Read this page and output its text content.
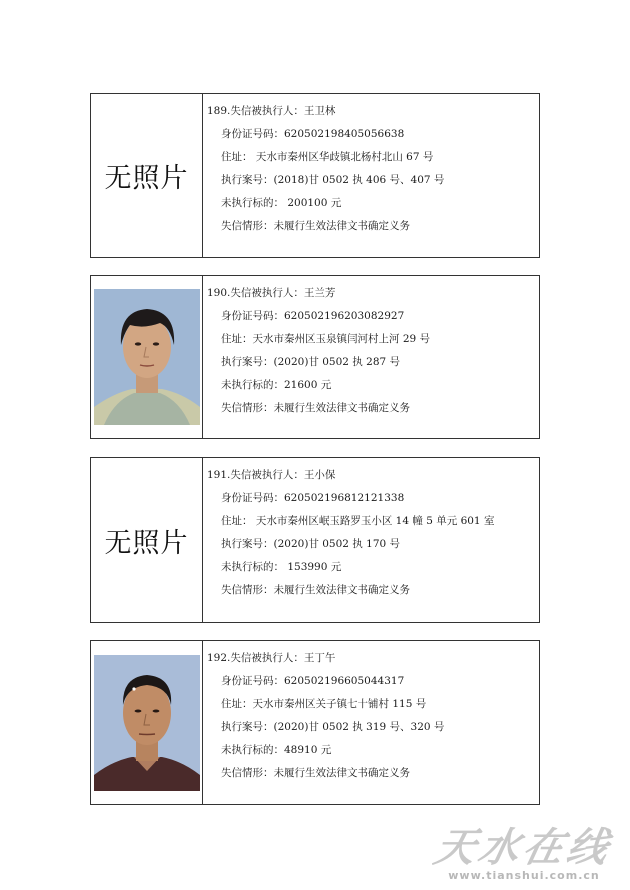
无照片
189.失信被执行人：王卫林
身份证号码：620502198405056638
住址： 天水市秦州区华歧镇北杨村北山 67 号
执行案号：(2018)甘 0502 执 406 号、407 号
未执行标的： 200100 元
失信情形：未履行生效法律文书确定义务
190.失信被执行人：王兰芳
身份证号码：620502196203082927
住址：天水市秦州区玉泉镇闫河村上河 29 号
执行案号：(2020)甘 0502 执 287 号
未执行标的：21600 元
失信情形：未履行生效法律文书确定义务
无照片
191.失信被执行人：王小保
身份证号码：620502196812121338
住址： 天水市秦州区岷玉路罗玉小区 14 幢 5 单元 601 室
执行案号：(2020)甘 0502 执 170 号
未执行标的： 153990 元
失信情形：未履行生效法律文书确定义务
192.失信被执行人：王丁午
身份证号码：620502196605044317
住址：天水市秦州区关子镇七十铺村 115 号
执行案号：(2020)甘 0502 执 319 号、320 号
未执行标的：48910 元
失信情形：未履行生效法律文书确定义务
天水在线
www.tianshui.com.cn
